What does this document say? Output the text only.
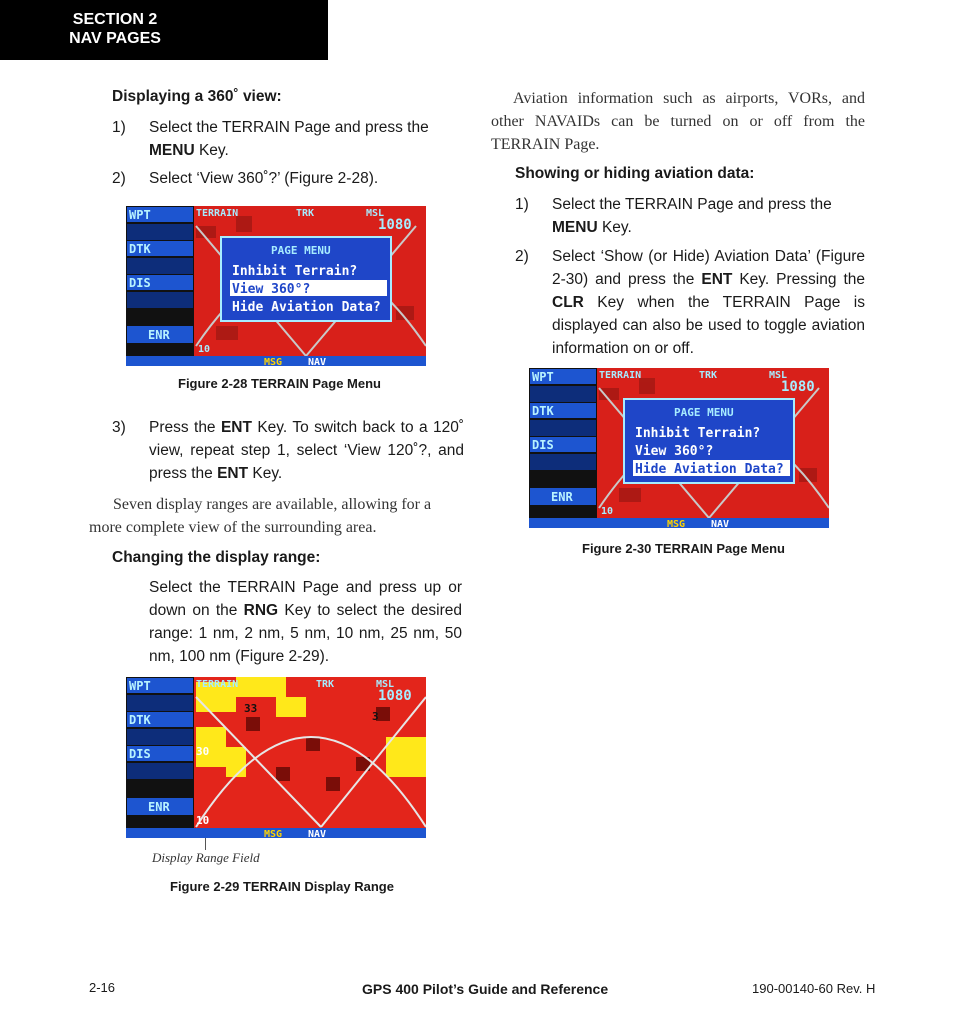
SECTION 2
NAV PAGES
Displaying a 360˚ view:
1)	Select the TERRAIN Page and press the MENU Key.
2)	Select ‘View 360˚?’ (Figure 2-28).
WPT
DTK
DIS
ENR
TERRAIN	TRK	MSL
1080
PAGE MENU
Inhibit Terrain?
View 360°?
Hide Aviation Data?
10
MSG	NAV
Figure 2-28 TERRAIN Page Menu
3)	Press the ENT Key. To switch back to a 120˚ view, repeat step 1, select ‘View 120˚?, and press the ENT Key.
Seven display ranges are available, allowing for a more complete view of the surrounding area.
Changing the display range:
Select the TERRAIN Page and press up or down on the RNG Key to select the desired range: 1 nm, 2 nm, 5 nm, 10 nm, 25 nm, 50 nm, 100 nm (Figure 2-29).
WPT
DTK
DIS
ENR
TERRAIN	TRK	MSL
1080
33
30
3
10
MSG	NAV
Display Range Field
Figure 2-29 TERRAIN Display Range
Aviation information such as airports, VORs, and other NAVAIDs can be turned on or off from the TERRAIN Page.
Showing or hiding aviation data:
1)	Select the TERRAIN Page and press the MENU Key.
2)	Select ‘Show (or Hide) Aviation Data’ (Figure 2-30) and press the ENT Key. Pressing the CLR Key when the TERRAIN Page is displayed can also be used to toggle aviation information on or off.
WPT
DTK
DIS
ENR
TERRAIN	TRK	MSL
1080
PAGE MENU
Inhibit Terrain?
View 360°?
Hide Aviation Data?
10
MSG	NAV
Figure 2-30 TERRAIN Page Menu
2-16	GPS 400 Pilot’s Guide and Reference	190-00140-60 Rev. H
